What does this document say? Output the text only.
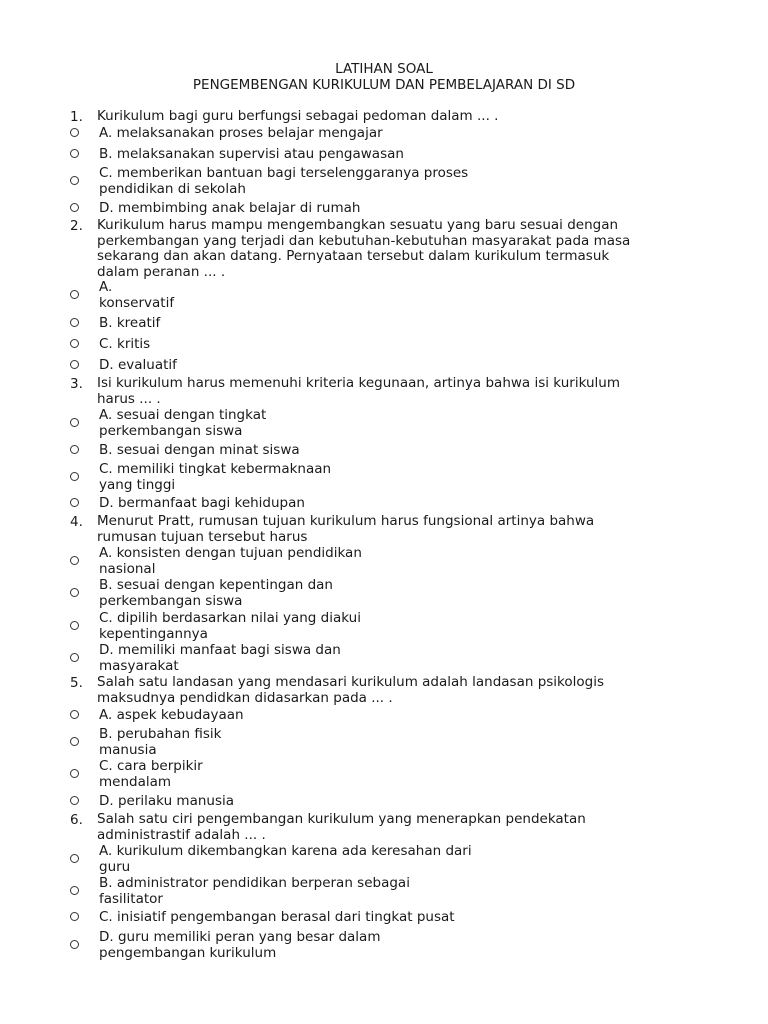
LATIHAN SOAL
PENGEMBENGAN KURIKULUM DAN PEMBELAJARAN DI SD
1. Kurikulum bagi guru berfungsi sebagai pedoman dalam ... .
A. melaksanakan proses belajar mengajar
B. melaksanakan supervisi atau pengawasan
C. memberikan bantuan bagi terselenggaranya proses
pendidikan di sekolah
D. membimbing anak belajar di rumah
2. Kurikulum harus mampu mengembangkan sesuatu yang baru sesuai dengan
perkembangan yang terjadi dan kebutuhan-kebutuhan masyarakat pada masa
sekarang dan akan datang. Pernyataan tersebut dalam kurikulum termasuk
dalam peranan ... .
A.
konservatif
B. kreatif
C. kritis
D. evaluatif
3. Isi kurikulum harus memenuhi kriteria kegunaan, artinya bahwa isi kurikulum
harus ... .
A. sesuai dengan tingkat
perkembangan siswa
B. sesuai dengan minat siswa
C. memiliki tingkat kebermaknaan
yang tinggi
D. bermanfaat bagi kehidupan
4. Menurut Pratt, rumusan tujuan kurikulum harus fungsional artinya bahwa
rumusan tujuan tersebut harus
A. konsisten dengan tujuan pendidikan
nasional
B. sesuai dengan kepentingan dan
perkembangan siswa
C. dipilih berdasarkan nilai yang diakui
kepentingannya
D. memiliki manfaat bagi siswa dan
masyarakat
5. Salah satu landasan yang mendasari kurikulum adalah landasan psikologis
maksudnya pendidkan didasarkan pada ... .
A. aspek kebudayaan
B. perubahan fisik
manusia
C. cara berpikir
mendalam
D. perilaku manusia
6. Salah satu ciri pengembangan kurikulum yang menerapkan pendekatan
administrastif adalah ... .
A. kurikulum dikembangkan karena ada keresahan dari
guru
B. administrator pendidikan berperan sebagai
fasilitator
C. inisiatif pengembangan berasal dari tingkat pusat
D. guru memiliki peran yang besar dalam
pengembangan kurikulum
